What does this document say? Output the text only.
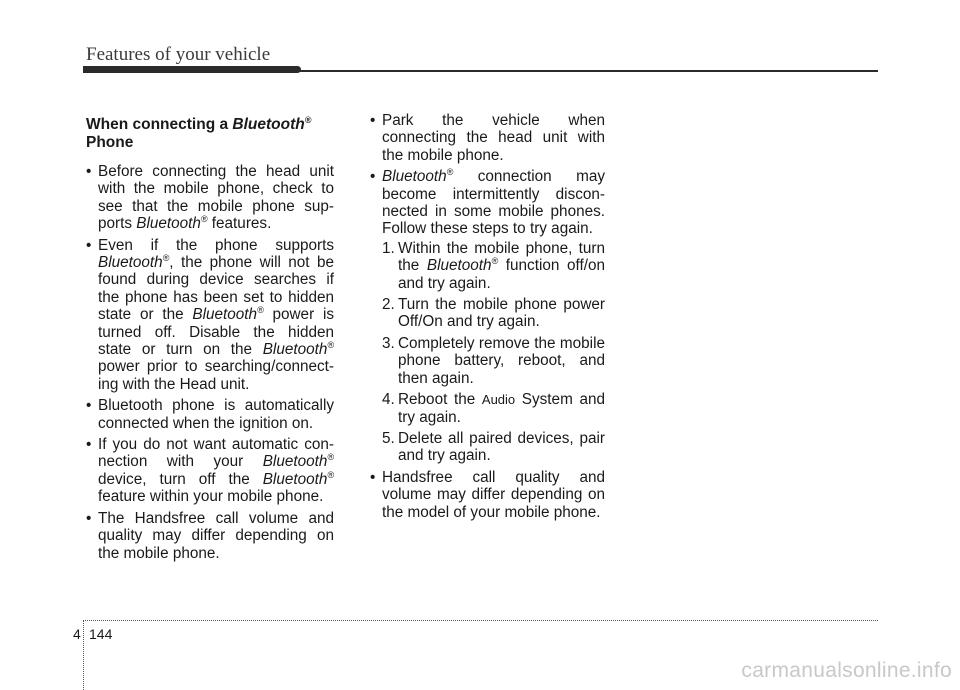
Features of your vehicle
When connecting a Bluetooth®
Phone
• Before connecting the head unit with the mobile phone, check to see that the mobile phone sup-ports Bluetooth® features.
• Even if the phone supports Bluetooth®, the phone will not be found during device searches if the phone has been set to hidden state or the Bluetooth® power is turned off. Disable the hidden state or turn on the Bluetooth® power prior to searching/connect-ing with the Head unit.
• Bluetooth phone is automatically connected when the ignition on.
• If you do not want automatic con-nection with your Bluetooth® device, turn off the Bluetooth® feature within your mobile phone.
• The Handsfree call volume and quality may differ depending on the mobile phone.
• Park the vehicle when connecting the head unit with the mobile phone.
• Bluetooth® connection may become intermittently discon-nected in some mobile phones. Follow these steps to try again.
1. Within the mobile phone, turn the Bluetooth® function off/on and try again.
2. Turn the mobile phone power Off/On and try again.
3. Completely remove the mobile phone battery, reboot, and then again.
4. Reboot the Audio System and try again.
5. Delete all paired devices, pair and try again.
• Handsfree call quality and volume may differ depending on the model of your mobile phone.
4 144
carmanualsonline.info
